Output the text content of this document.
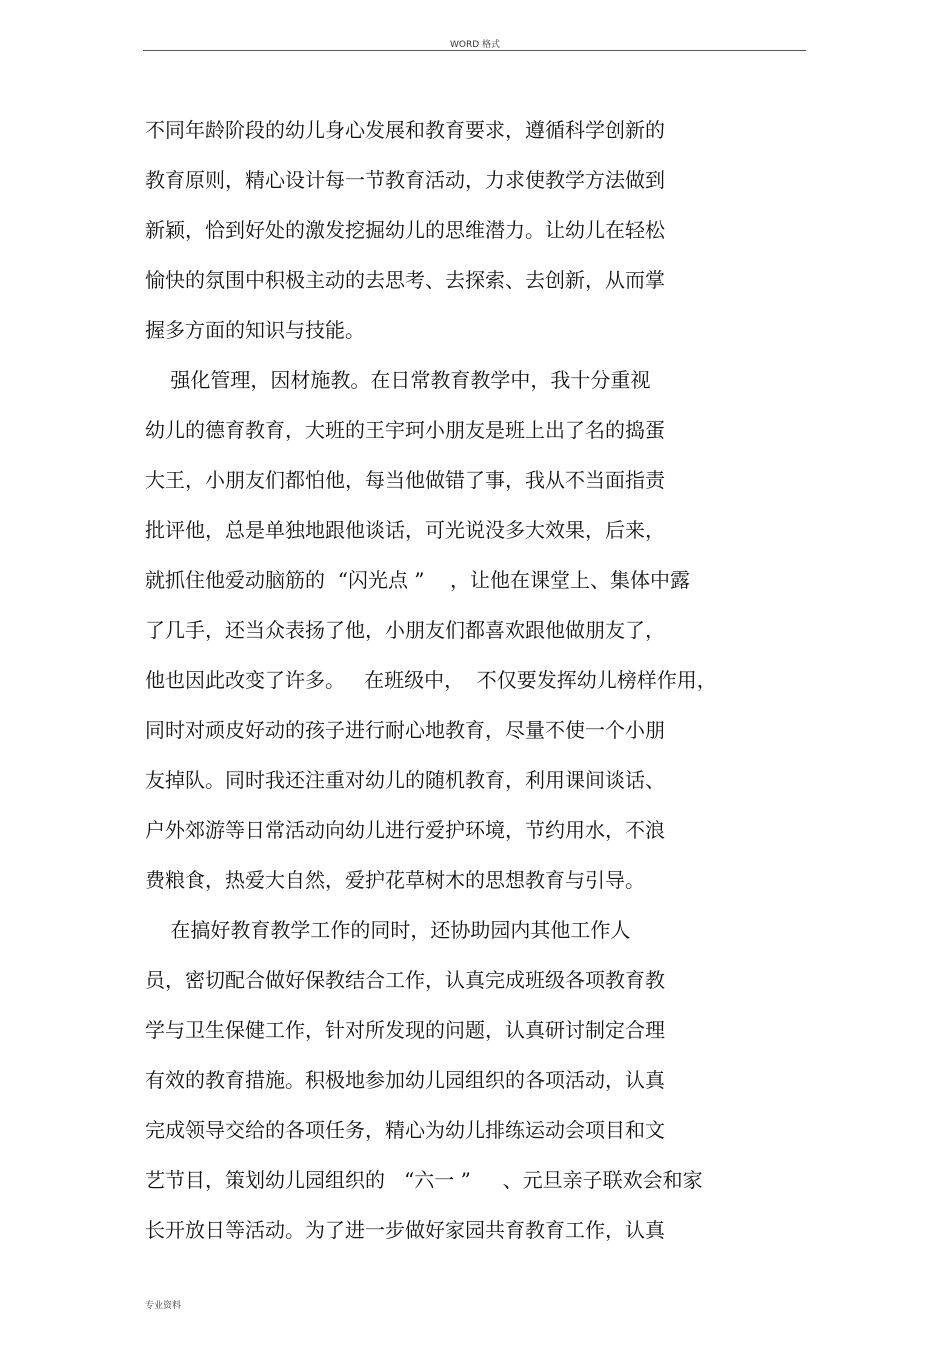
WORD 格式
不同年龄阶段的幼儿身心发展和教育要求，遵循科学创新的
教育原则，精心设计每一节教育活动，力求使教学方法做到
新颖，恰到好处的激发挖掘幼儿的思维潜力。让幼儿在轻松
愉快的氛围中积极主动的去思考、去探索、去创新，从而掌
握多方面的知识与技能。
强化管理，因材施教。在日常教育教学中，我十分重视
幼儿的德育教育，大班的王宇珂小朋友是班上出了名的捣蛋
大王，小朋友们都怕他，每当他做错了事，我从不当面指责
批评他，总是单独地跟他谈话，可光说没多大效果，后来，
就抓住他爱动脑筋的  “闪光点 ”    ，让他在课堂上、集体中露
了几手，还当众表扬了他，小朋友们都喜欢跟他做朋友了，
他也因此改变了许多。   在班级中，  不仅要发挥幼儿榜样作用，
同时对顽皮好动的孩子进行耐心地教育，尽量不使一个小朋
友掉队。同时我还注重对幼儿的随机教育，利用课间谈话、
户外郊游等日常活动向幼儿进行爱护环境，节约用水，不浪
费粮食，热爱大自然，爱护花草树木的思想教育与引导。
在搞好教育教学工作的同时，还协助园内其他工作人
员，密切配合做好保教结合工作，认真完成班级各项教育教
学与卫生保健工作，针对所发现的问题，认真研讨制定合理
有效的教育措施。积极地参加幼儿园组织的各项活动，认真
完成领导交给的各项任务，精心为幼儿排练运动会项目和文
艺节目，策划幼儿园组织的   “六一 ”     、元旦亲子联欢会和家
长开放日等活动。为了进一步做好家园共育教育工作，认真
专业资料
